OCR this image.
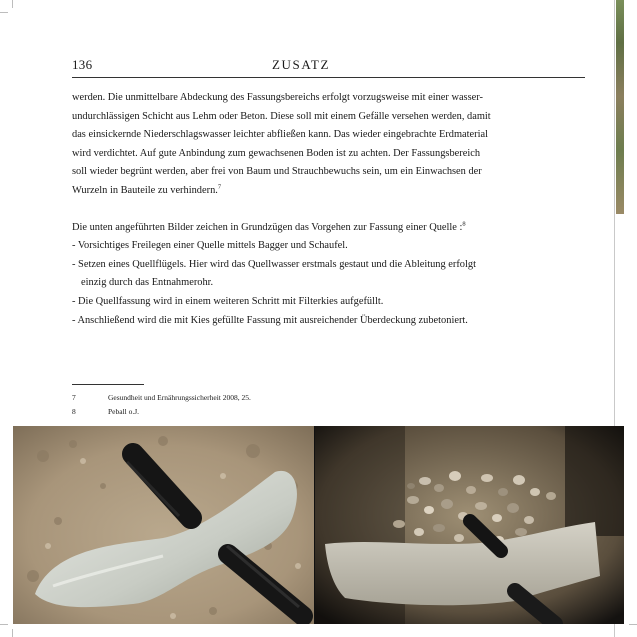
136	ZUSATZ

werden. Die unmittelbare Abdeckung des Fassungsbereichs erfolgt vorzugsweise mit einer wasser-

undurchlässigen Schicht aus Lehm oder Beton. Diese soll mit einem Gefälle versehen werden, damit

das einsickernde Niederschlagswasser leichter abfließen kann. Das wieder eingebrachte Erdmaterial

wird verdichtet. Auf gute Anbindung zum gewachsenen Boden ist zu achten. Der Fassungsbereich

soll wieder begrünt werden, aber frei von Baum und Strauchbewuchs sein, um ein Einwachsen der

Wurzeln in Bauteile zu verhindern.$^7$

Die unten angeführten Bilder zeichen in Grundzügen das Vorgehen zur Fassung einer Quelle :$^8$

- Vorsichtiges Freilegen einer Quelle mittels Bagger und Schaufel.

- Setzen eines Quellflügels. Hier wird das Quellwasser erstmals gestaut und die Ableitung erfolgt

einzig durch das Entnahmerohr.

- Die Quellfassung wird in einem weiteren Schritt mit Filterkies aufgefüllt.

- Anschließend wird die mit Kies gefüllte Fassung mit ausreichender Überdeckung zubetoniert.

7	Gesundheit und Ernährungssicherheit 2008, 25.
8	Peball o.J.
